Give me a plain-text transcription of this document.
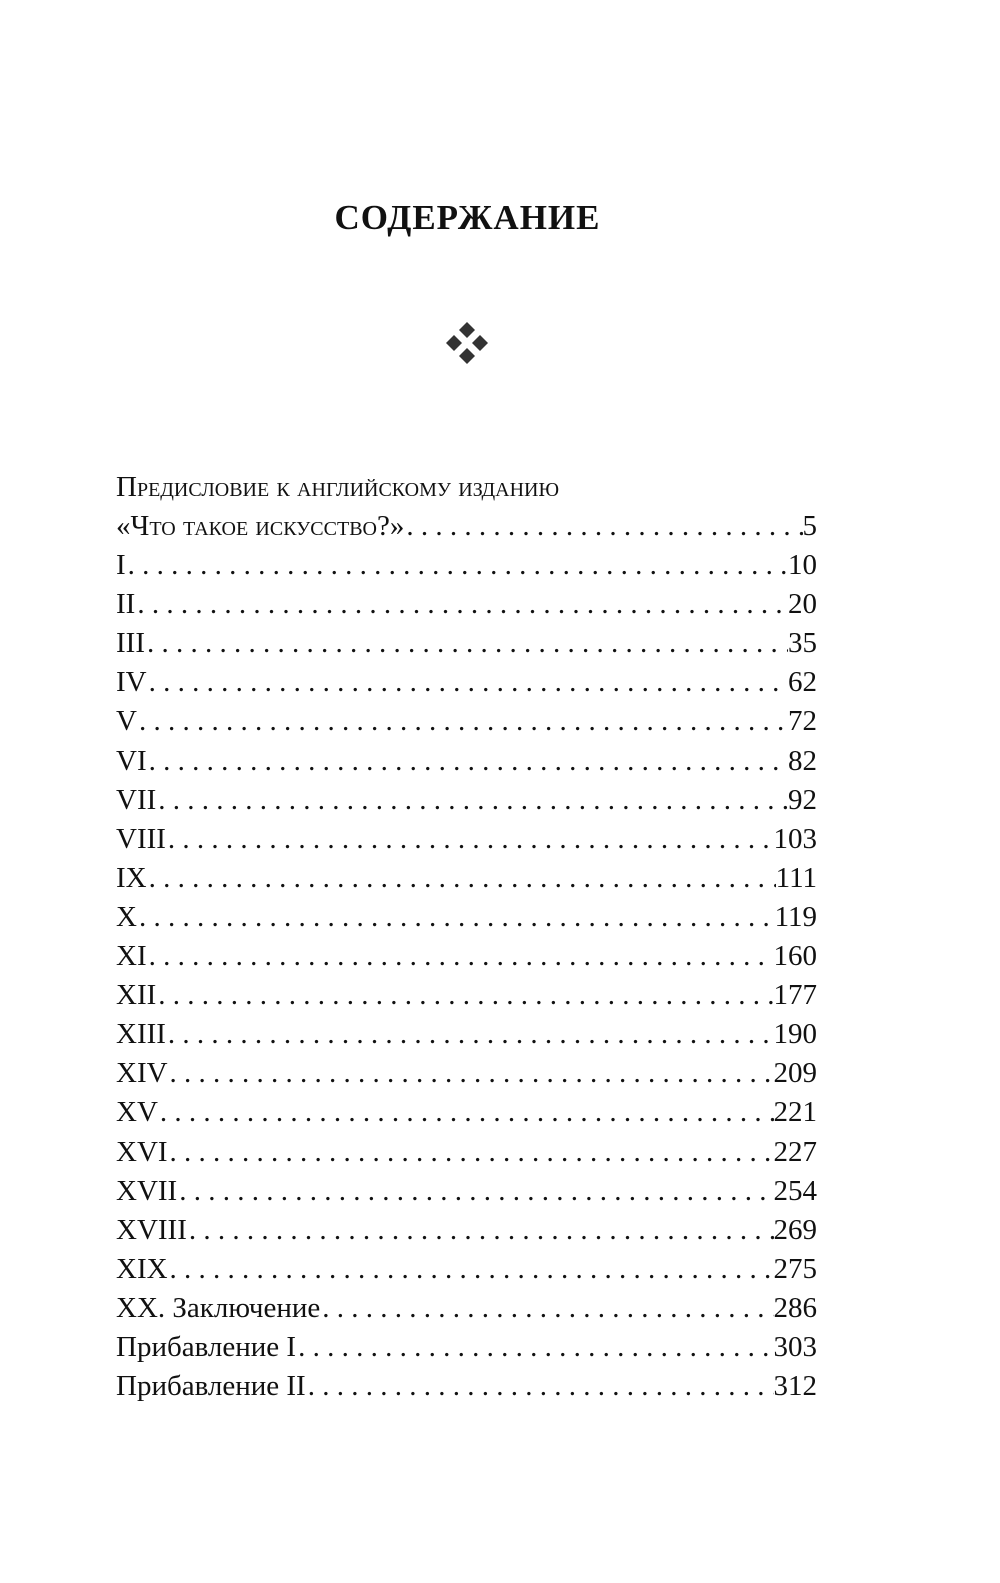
СОДЕРЖАНИЕ
Предисловие к английскому изданию
«Что такое искусство?» . . .	5
I . . .	10
II . . .	20
III . . .	35
IV . . .	62
V . . .	72
VI . . .	82
VII . . .	92
VIII . . .	103
IX . . .	111
X . . .	119
XI . . .	160
XII . . .	177
XIII . . .	190
XIV . . .	209
XV . . .	221
XVI . . .	227
XVII . . .	254
XVIII . . .	269
XIX . . .	275
XX. Заключение . . .	286
Прибавление I . . .	303
Прибавление II . . .	312
